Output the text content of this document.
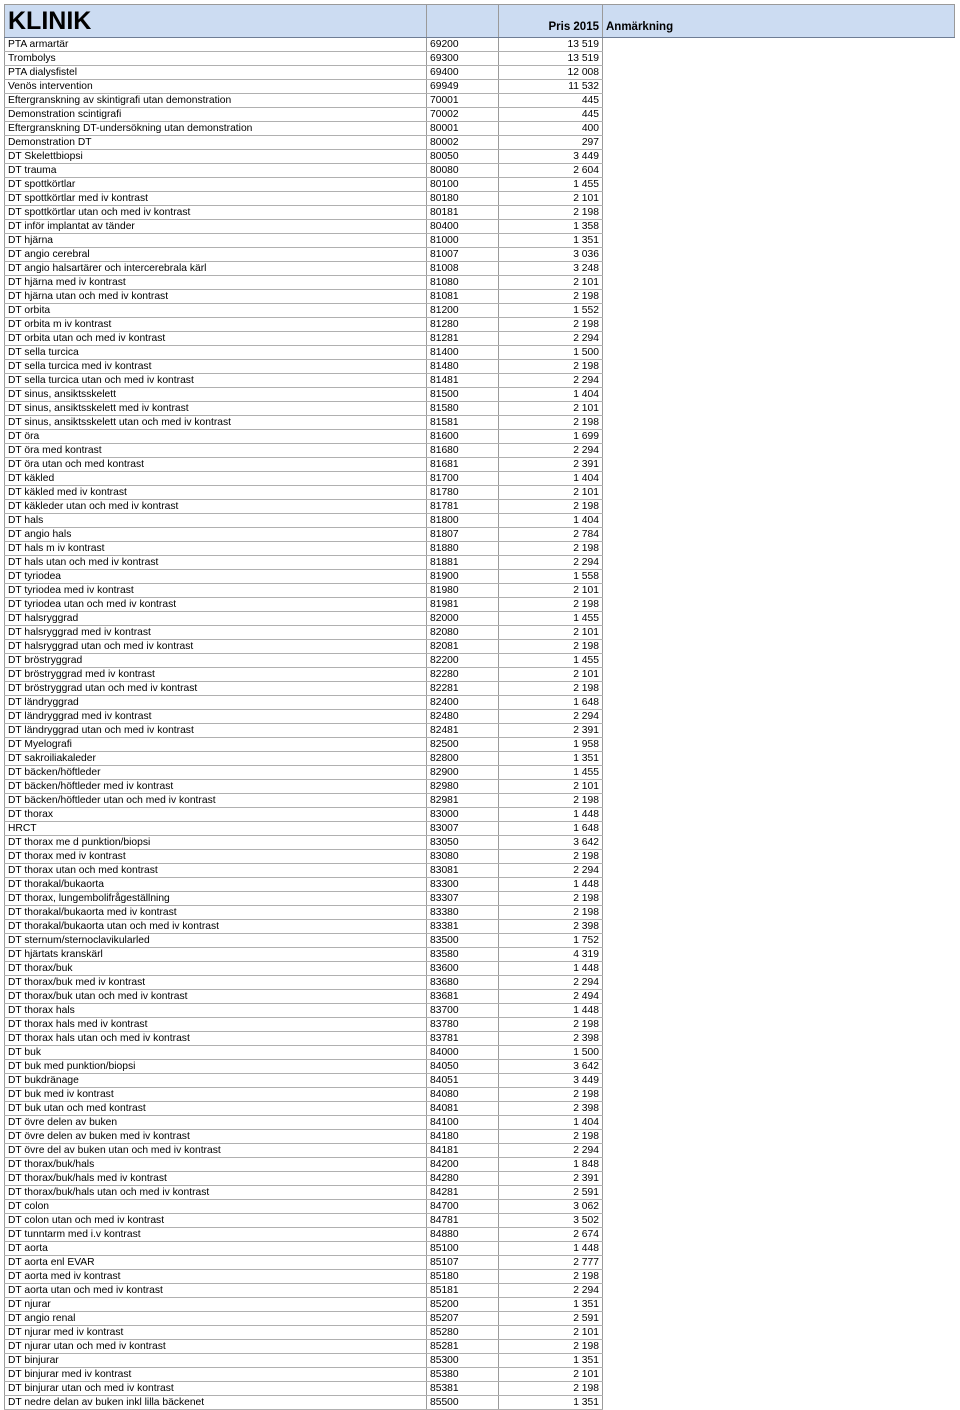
KLINIK		Pris 2015	Anmärkning
PTA armartär	69200	13 519	
Trombolys	69300	13 519	
PTA dialysfistel	69400	12 008	
Venös intervention	69949	11 532	
Eftergranskning av skintigrafi utan demonstration	70001	445	
Demonstration scintigrafi	70002	445	
Eftergranskning DT-undersökning utan demonstration	80001	400	
Demonstration DT	80002	297	
DT Skelettbiopsi	80050	3 449	
DT trauma	80080	2 604	
DT spottkörtlar	80100	1 455	
DT spottkörtlar med iv kontrast	80180	2 101	
DT spottkörtlar utan och med iv kontrast	80181	2 198	
DT inför implantat av tänder	80400	1 358	
DT hjärna	81000	1 351	
DT angio cerebral	81007	3 036	
DT angio halsartärer och intercerebrala kärl	81008	3 248	
DT hjärna med iv kontrast	81080	2 101	
DT hjärna utan och med iv kontrast	81081	2 198	
DT orbita	81200	1 552	
DT orbita m iv kontrast	81280	2 198	
DT orbita utan och med iv kontrast	81281	2 294	
DT sella turcica	81400	1 500	
DT sella turcica med iv kontrast	81480	2 198	
DT sella turcica utan och med iv kontrast	81481	2 294	
DT sinus, ansiktsskelett	81500	1 404	
DT sinus, ansiktsskelett med iv kontrast	81580	2 101	
DT sinus, ansiktsskelett utan och med iv kontrast	81581	2 198	
DT öra	81600	1 699	
DT öra med kontrast	81680	2 294	
DT öra utan och med kontrast	81681	2 391	
DT käkled	81700	1 404	
DT käkled med iv kontrast	81780	2 101	
DT käkleder utan och med iv kontrast	81781	2 198	
DT hals	81800	1 404	
DT angio hals	81807	2 784	
DT hals m iv kontrast	81880	2 198	
DT hals utan och med iv kontrast	81881	2 294	
DT tyriodea	81900	1 558	
DT tyriodea med iv kontrast	81980	2 101	
DT tyriodea utan och med iv kontrast	81981	2 198	
DT halsryggrad	82000	1 455	
DT halsryggrad med iv kontrast	82080	2 101	
DT halsryggrad utan och med iv kontrast	82081	2 198	
DT bröstryggrad	82200	1 455	
DT bröstryggrad med iv kontrast	82280	2 101	
DT bröstryggrad utan och med iv kontrast	82281	2 198	
DT ländryggrad	82400	1 648	
DT ländryggrad med iv kontrast	82480	2 294	
DT ländryggrad utan och med iv kontrast	82481	2 391	
DT Myelografi	82500	1 958	
DT sakroiliakaleder	82800	1 351	
DT bäcken/höftleder	82900	1 455	
DT bäcken/höftleder med iv kontrast	82980	2 101	
DT bäcken/höftleder utan och med iv kontrast	82981	2 198	
DT thorax	83000	1 448	
HRCT	83007	1 648	
DT thorax me d punktion/biopsi	83050	3 642	
DT thorax med iv kontrast	83080	2 198	
DT thorax utan och med kontrast	83081	2 294	
DT thorakal/bukaorta	83300	1 448	
DT thorax, lungembolifrågeställning	83307	2 198	
DT thorakal/bukaorta med iv kontrast	83380	2 198	
DT thorakal/bukaorta utan och med iv kontrast	83381	2 398	
DT sternum/sternoclavikularled	83500	1 752	
DT hjärtats kranskärl	83580	4 319	
DT thorax/buk	83600	1 448	
DT thorax/buk med iv kontrast	83680	2 294	
DT thorax/buk utan och med iv kontrast	83681	2 494	
DT thorax hals	83700	1 448	
DT thorax hals med iv kontrast	83780	2 198	
DT thorax hals utan och med iv kontrast	83781	2 398	
DT buk	84000	1 500	
DT buk med punktion/biopsi	84050	3 642	
DT bukdränage	84051	3 449	
DT buk med iv kontrast	84080	2 198	
DT buk utan och med kontrast	84081	2 398	
DT övre delen av buken	84100	1 404	
DT övre delen av buken med iv kontrast	84180	2 198	
DT övre del av buken utan och med iv kontrast	84181	2 294	
DT thorax/buk/hals	84200	1 848	
DT thorax/buk/hals med iv kontrast	84280	2 391	
DT thorax/buk/hals utan och med iv kontrast	84281	2 591	
DT colon	84700	3 062	
DT colon utan och med iv kontrast	84781	3 502	
DT tunntarm med i.v kontrast	84880	2 674	
DT aorta	85100	1 448	
DT aorta enl EVAR	85107	2 777	
DT aorta med iv kontrast	85180	2 198	
DT aorta utan och med iv kontrast	85181	2 294	
DT njurar	85200	1 351	
DT angio renal	85207	2 591	
DT njurar med iv kontrast	85280	2 101	
DT njurar utan och med iv kontrast	85281	2 198	
DT binjurar	85300	1 351	
DT binjurar med iv kontrast	85380	2 101	
DT binjurar utan och med iv kontrast	85381	2 198	
DT nedre delan av buken inkl lilla bäckenet	85500	1 351	
